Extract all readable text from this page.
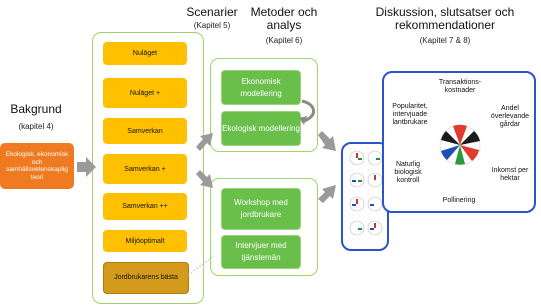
Scenarier
(Kapitel 5)
Metoder och
analys
(Kapitel 6)
Diskussion, slutsatser och
rekommendationer
(Kapitel 7 & 8)
Bakgrund
(kapitel 4)
Ekologisk, ekonomisk och samhällsvetenskaplig teori
Nuläget
Nuläget +
Samverkan
Samverkan +
Samverkan ++
Miljöoptimalt
Jordbrukarens bästa
Ekonomisk modellering
Ekologisk modellering
Workshop med jordbrukare
Intervjuer med tjänstemän
···	···
···	···
Transaktions-kostnader
Popularitet, intervjuade lantbrukare
Andel överlevande gårdar
Naturlig biologisk kontroll
Inkomst per hektar
Pollinering
